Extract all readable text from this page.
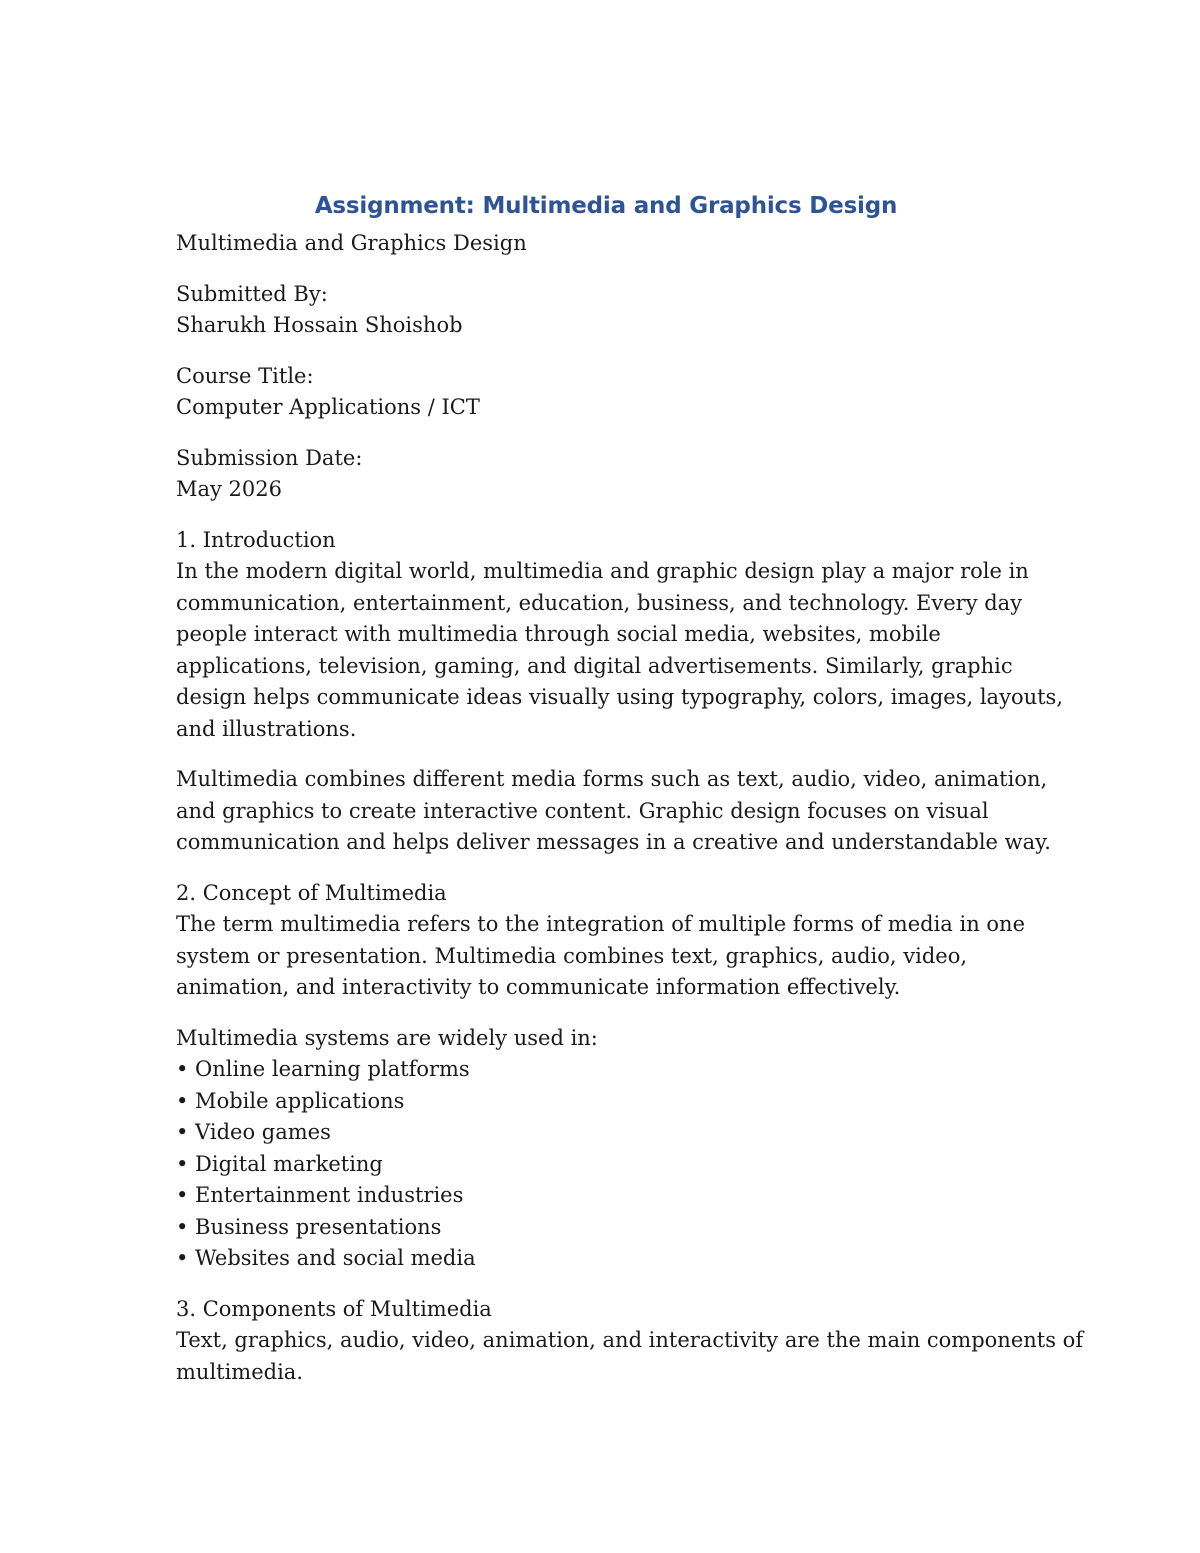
Assignment: Multimedia and Graphics Design
Multimedia and Graphics Design
Submitted By:
Sharukh Hossain Shoishob
Course Title:
Computer Applications / ICT
Submission Date:
May 2026
1. Introduction
In the modern digital world, multimedia and graphic design play a major role in
communication, entertainment, education, business, and technology. Every day
people interact with multimedia through social media, websites, mobile
applications, television, gaming, and digital advertisements. Similarly, graphic
design helps communicate ideas visually using typography, colors, images, layouts,
and illustrations.
Multimedia combines different media forms such as text, audio, video, animation,
and graphics to create interactive content. Graphic design focuses on visual
communication and helps deliver messages in a creative and understandable way.
2. Concept of Multimedia
The term multimedia refers to the integration of multiple forms of media in one
system or presentation. Multimedia combines text, graphics, audio, video,
animation, and interactivity to communicate information effectively.
Multimedia systems are widely used in:
• Online learning platforms
• Mobile applications
• Video games
• Digital marketing
• Entertainment industries
• Business presentations
• Websites and social media
3. Components of Multimedia
Text, graphics, audio, video, animation, and interactivity are the main components of
multimedia.
